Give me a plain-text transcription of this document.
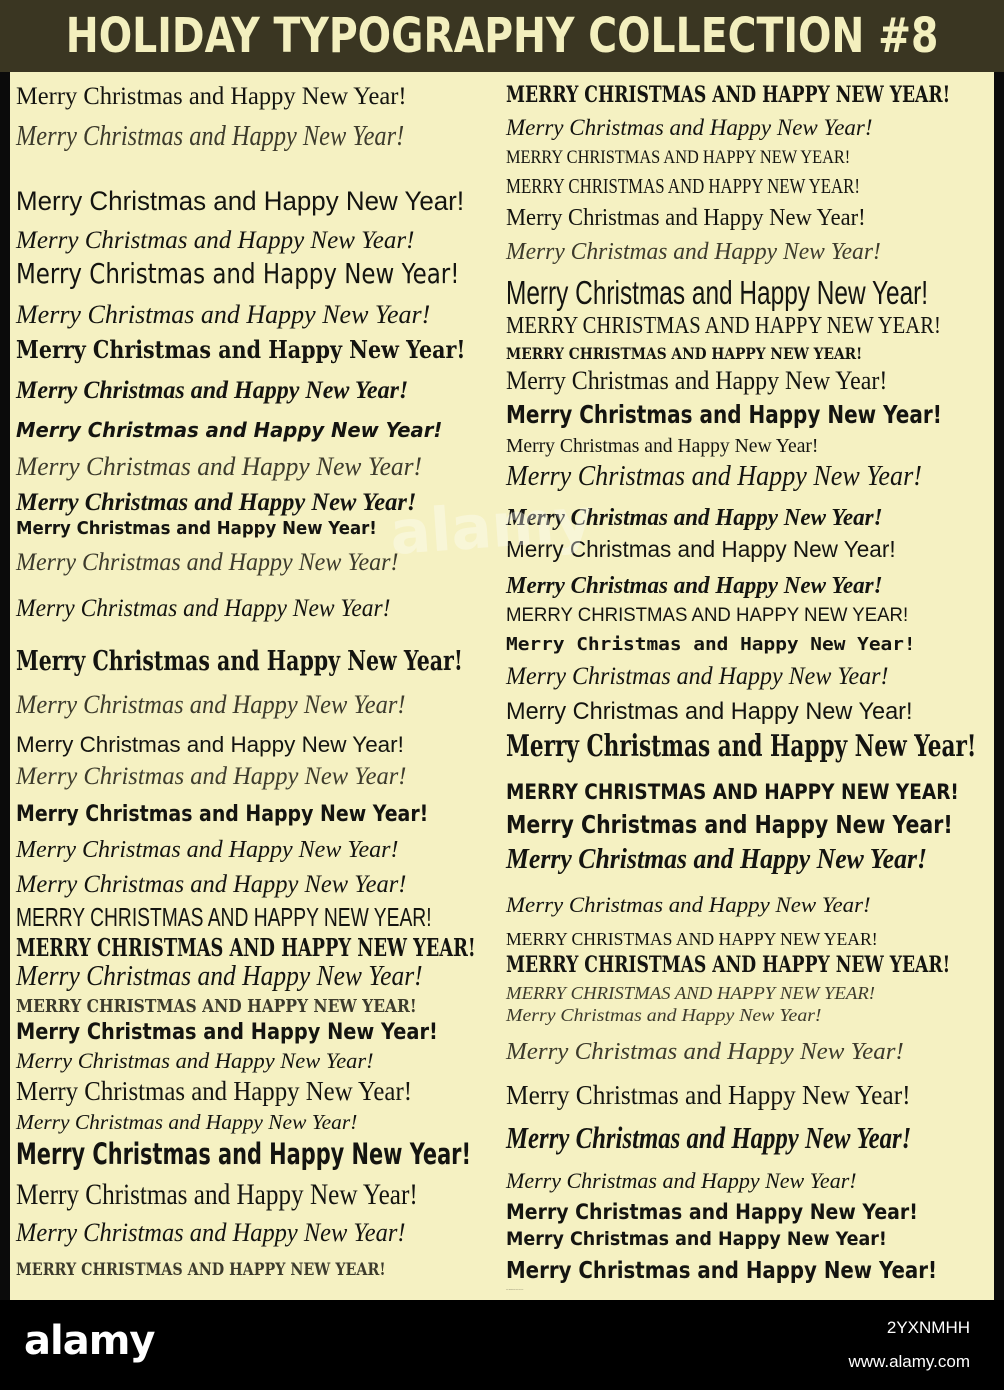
HOLIDAY TYPOGRAPHY COLLECTION #8
Merry Christmas and Happy New Year!
Merry Christmas and Happy New Year!
Merry Christmas and Happy New Year!
Merry Christmas and Happy New Year!
Merry Christmas and Happy New Year!
Merry Christmas and Happy New Year!
Merry Christmas and Happy New Year!
Merry Christmas and Happy New Year!
Merry Christmas and Happy New Year!
Merry Christmas and Happy New Year!
Merry Christmas and Happy New Year!
Merry Christmas and Happy New Year!
Merry Christmas and Happy New Year!
Merry Christmas and Happy New Year!
Merry Christmas and Happy New Year!
Merry Christmas and Happy New Year!
Merry Christmas and Happy New Year!
Merry Christmas and Happy New Year!
Merry Christmas and Happy New Year!
Merry Christmas and Happy New Year!
Merry Christmas and Happy New Year!
MERRY CHRISTMAS AND HAPPY NEW YEAR!
MERRY CHRISTMAS AND HAPPY NEW YEAR!
Merry Christmas and Happy New Year!
MERRY CHRISTMAS AND HAPPY NEW YEAR!
Merry Christmas and Happy New Year!
Merry Christmas and Happy New Year!
Merry Christmas and Happy New Year!
Merry Christmas and Happy New Year!
Merry Christmas and Happy New Year!
Merry Christmas and Happy New Year!
Merry Christmas and Happy New Year!
MERRY CHRISTMAS AND HAPPY NEW YEAR!
MERRY CHRISTMAS AND HAPPY NEW YEAR!
Merry Christmas and Happy New Year!
MERRY CHRISTMAS AND HAPPY NEW YEAR!
MERRY CHRISTMAS AND HAPPY NEW YEAR!
Merry Christmas and Happy New Year!
Merry Christmas and Happy New Year!
Merry Christmas and Happy New Year!
MERRY CHRISTMAS AND HAPPY NEW YEAR!
MERRY CHRISTMAS AND HAPPY NEW YEAR!
Merry Christmas and Happy New Year!
Merry Christmas and Happy New Year!
Merry Christmas and Happy New Year!
Merry Christmas and Happy New Year!
Merry Christmas and Happy New Year!
Merry Christmas and Happy New Year!
Merry Christmas and Happy New Year!
MERRY CHRISTMAS AND HAPPY NEW YEAR!
Merry Christmas and Happy New Year!
Merry Christmas and Happy New Year!
Merry Christmas and Happy New Year!
Merry Christmas and Happy New Year!
MERRY CHRISTMAS AND HAPPY NEW YEAR!
Merry Christmas and Happy New Year!
Merry Christmas and Happy New Year!
Merry Christmas and Happy New Year!
MERRY CHRISTMAS AND HAPPY NEW YEAR!
MERRY CHRISTMAS AND HAPPY NEW YEAR!
MERRY CHRISTMAS AND HAPPY NEW YEAR!
Merry Christmas and Happy New Year!
Merry Christmas and Happy New Year!
Merry Christmas and Happy New Year!
Merry Christmas and Happy New Year!
Merry Christmas and Happy New Year!
Merry Christmas and Happy New Year!
Merry Christmas and Happy New Year!
Merry Christmas and Happy New Year!
Merry Christmas and Happy New Year!
alamy
alamy	2YXNMHH
www.alamy.com
